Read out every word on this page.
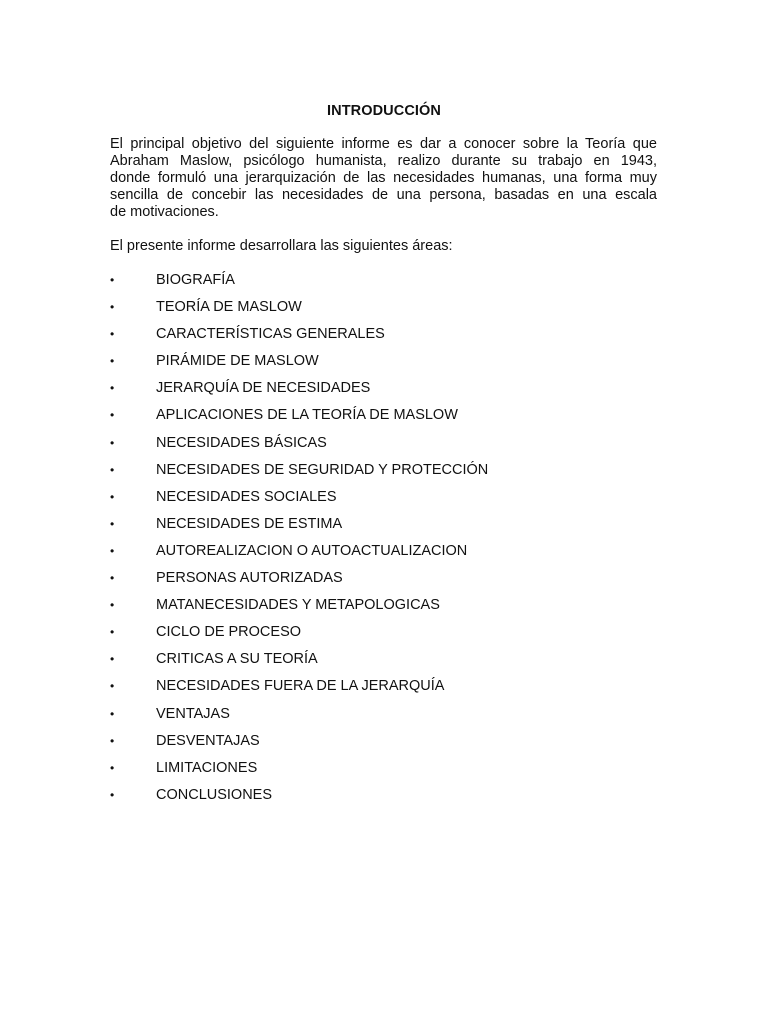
INTRODUCCIÓN

El principal objetivo del siguiente informe es dar a conocer sobre la Teoría que
Abraham Maslow, psicólogo humanista, realizo durante su trabajo en 1943,
donde formuló una jerarquización de las necesidades humanas, una forma muy
sencilla de concebir las necesidades de una persona, basadas en una escala
de motivaciones.

El presente informe desarrollara las siguientes áreas:

•	BIOGRAFÍA
•	TEORÍA DE MASLOW
•	CARACTERÍSTICAS GENERALES
•	PIRÁMIDE DE MASLOW
•	JERARQUÍA DE NECESIDADES
•	APLICACIONES DE LA TEORÍA DE MASLOW
•	NECESIDADES BÁSICAS
•	NECESIDADES DE SEGURIDAD Y PROTECCIÓN
•	NECESIDADES SOCIALES
•	NECESIDADES DE ESTIMA
•	AUTOREALIZACION O AUTOACTUALIZACION
•	PERSONAS AUTORIZADAS
•	MATANECESIDADES Y METAPOLOGICAS
•	CICLO DE PROCESO
•	CRITICAS A SU TEORÍA
•	NECESIDADES FUERA DE LA JERARQUÍA
•	VENTAJAS
•	DESVENTAJAS
•	LIMITACIONES
•	CONCLUSIONES
